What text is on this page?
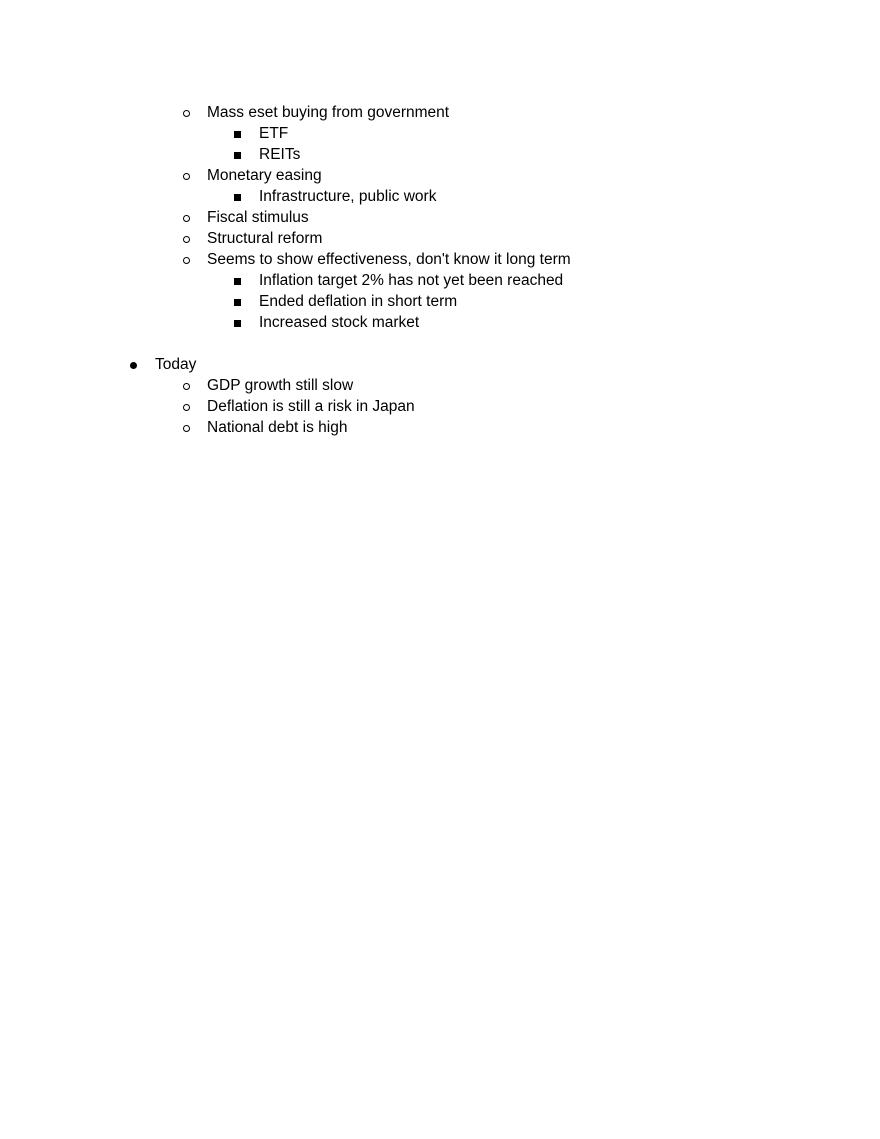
Mass eset buying from government
ETF
REITs
Monetary easing
Infrastructure, public work
Fiscal stimulus
Structural reform
Seems to show effectiveness, don't know it long term
Inflation target 2% has not yet been reached
Ended deflation in short term
Increased stock market
Today
GDP growth still slow
Deflation is still a risk in Japan
National debt is high
